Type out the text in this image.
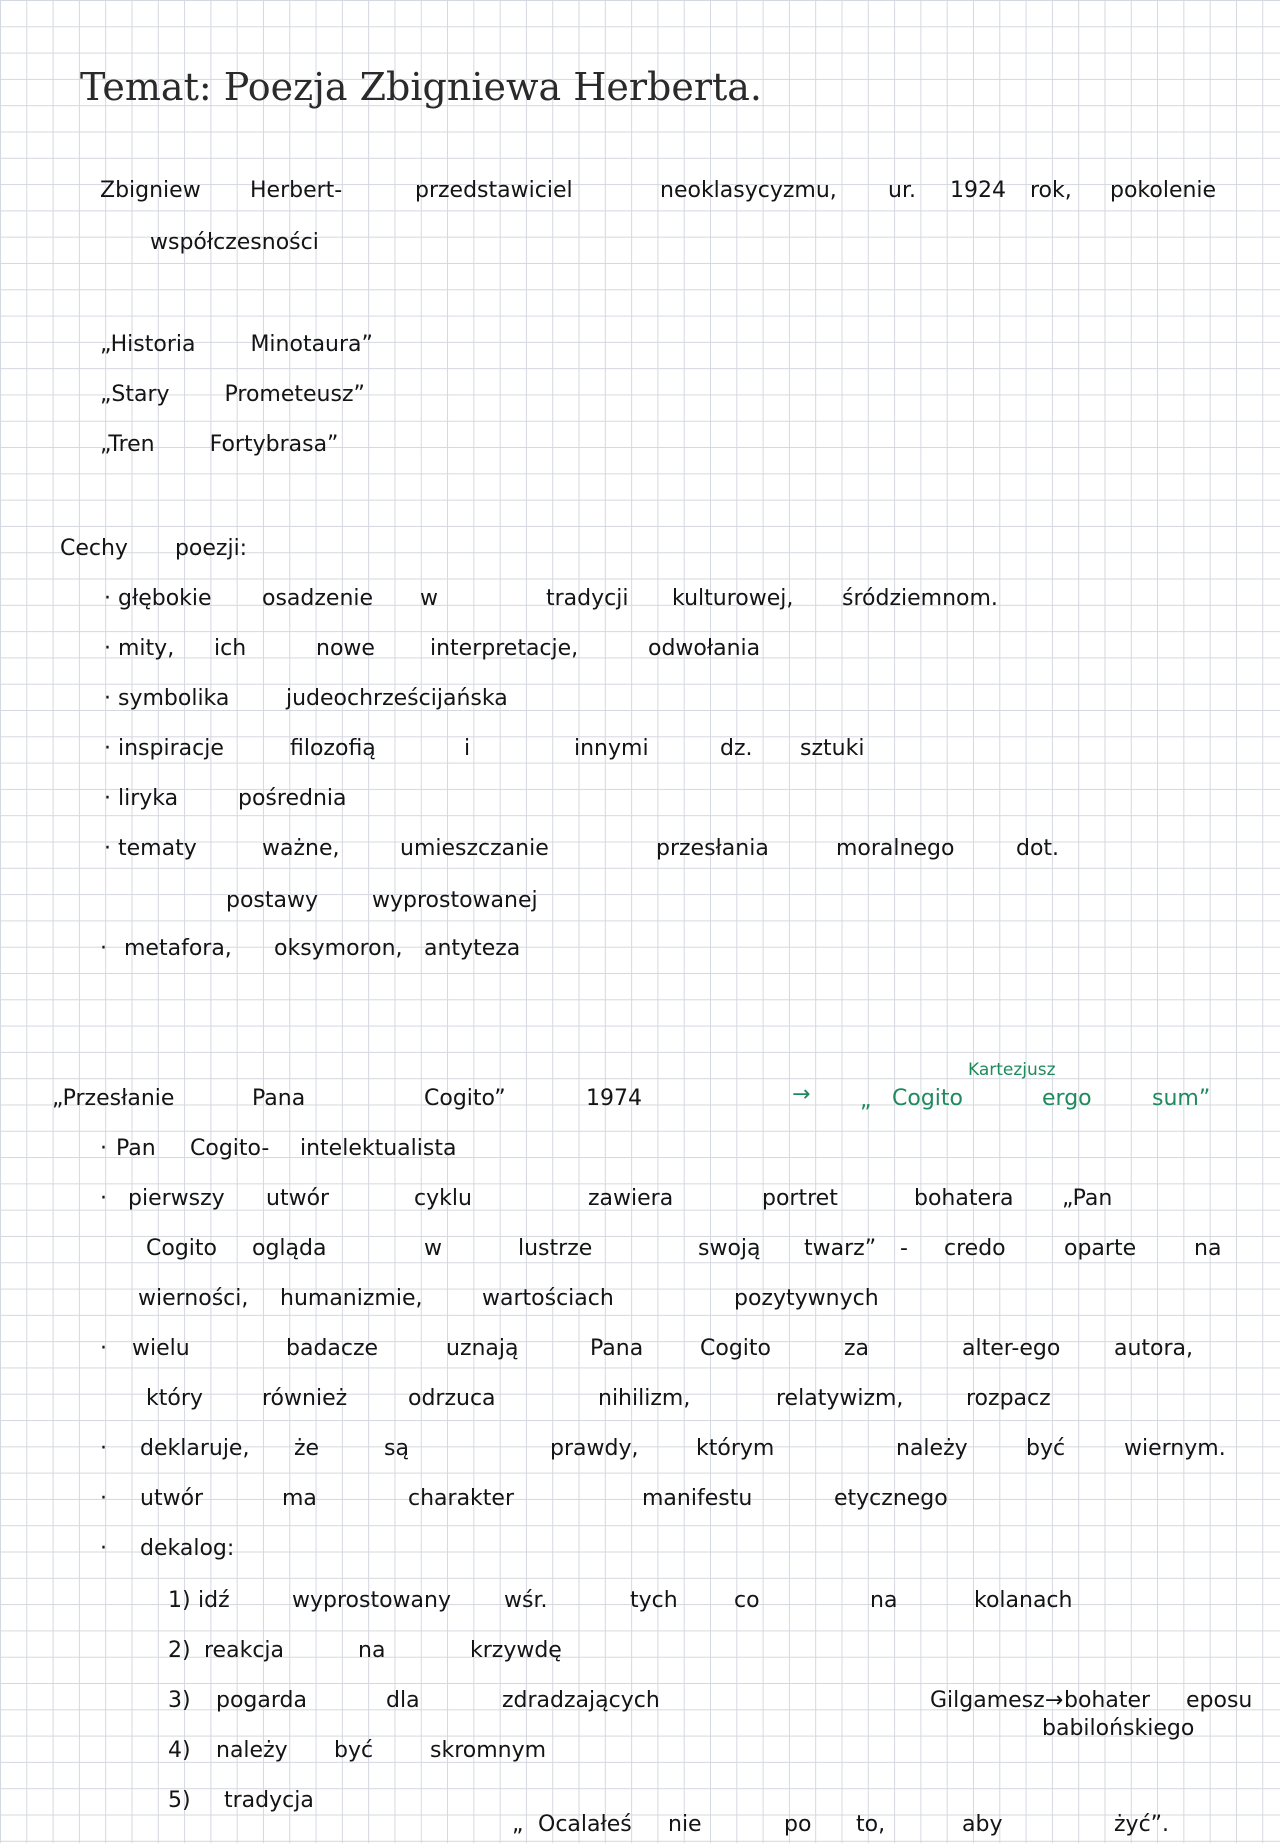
Temat: Poezja Zbigniewa Herberta.
Zbigniew Herbert-	przedstawiciel	neoklasycyzmu, ur. 1924 rok, pokolenie
współczesności
„Historia Minotaura”
„Stary Prometeusz”
„Tren Fortybrasa”
Cechy poezji:
· głębokie osadzenie w	tradycji kulturowej, śródziemnom.
· mity, ich	nowe	interpretacje,	odwołania
· symbolika	judeochrześcijańska
· inspiracje	filozofią	i	innymi	dz. sztuki
· liryka	pośrednia
· tematy	ważne,	umieszczanie	przesłania	moralnego	dot.
postawy wyprostowanej
· metafora, oksymoron, antyteza
„Przesłanie	Pana	Cogito”	1974	→ „ Cogito
Kartezjusz
ergo	sum”
· Pan Cogito- intelektualista
· pierwszy utwór	cyklu	zawiera	portret	bohatera „Pan
Cogito ogląda	w	lustrze	swoją twarz” - credo	oparte	na
wierności, humanizmie,	wartościach	pozytywnych
· wielu	badacze	uznają	Pana	Cogito	za	alter-ego autora,
który	również	odrzuca	nihilizm,	relatywizm,	rozpacz
· deklaruje, że	są	prawdy,	którym	należy	być	wiernym.
· utwór	ma	charakter	manifestu	etycznego
· dekalog:
1) idź	wyprostowany wśr.	tych	co	na	kolanach
2) reakcja	na	krzywdę
3) pogarda	dla	zdradzających
4) należy być	skromnym
5) tradycja
Gilgamesz→ bohater eposu
babilońskiego
„ Ocalałeś nie	po to,	aby	żyć”.
